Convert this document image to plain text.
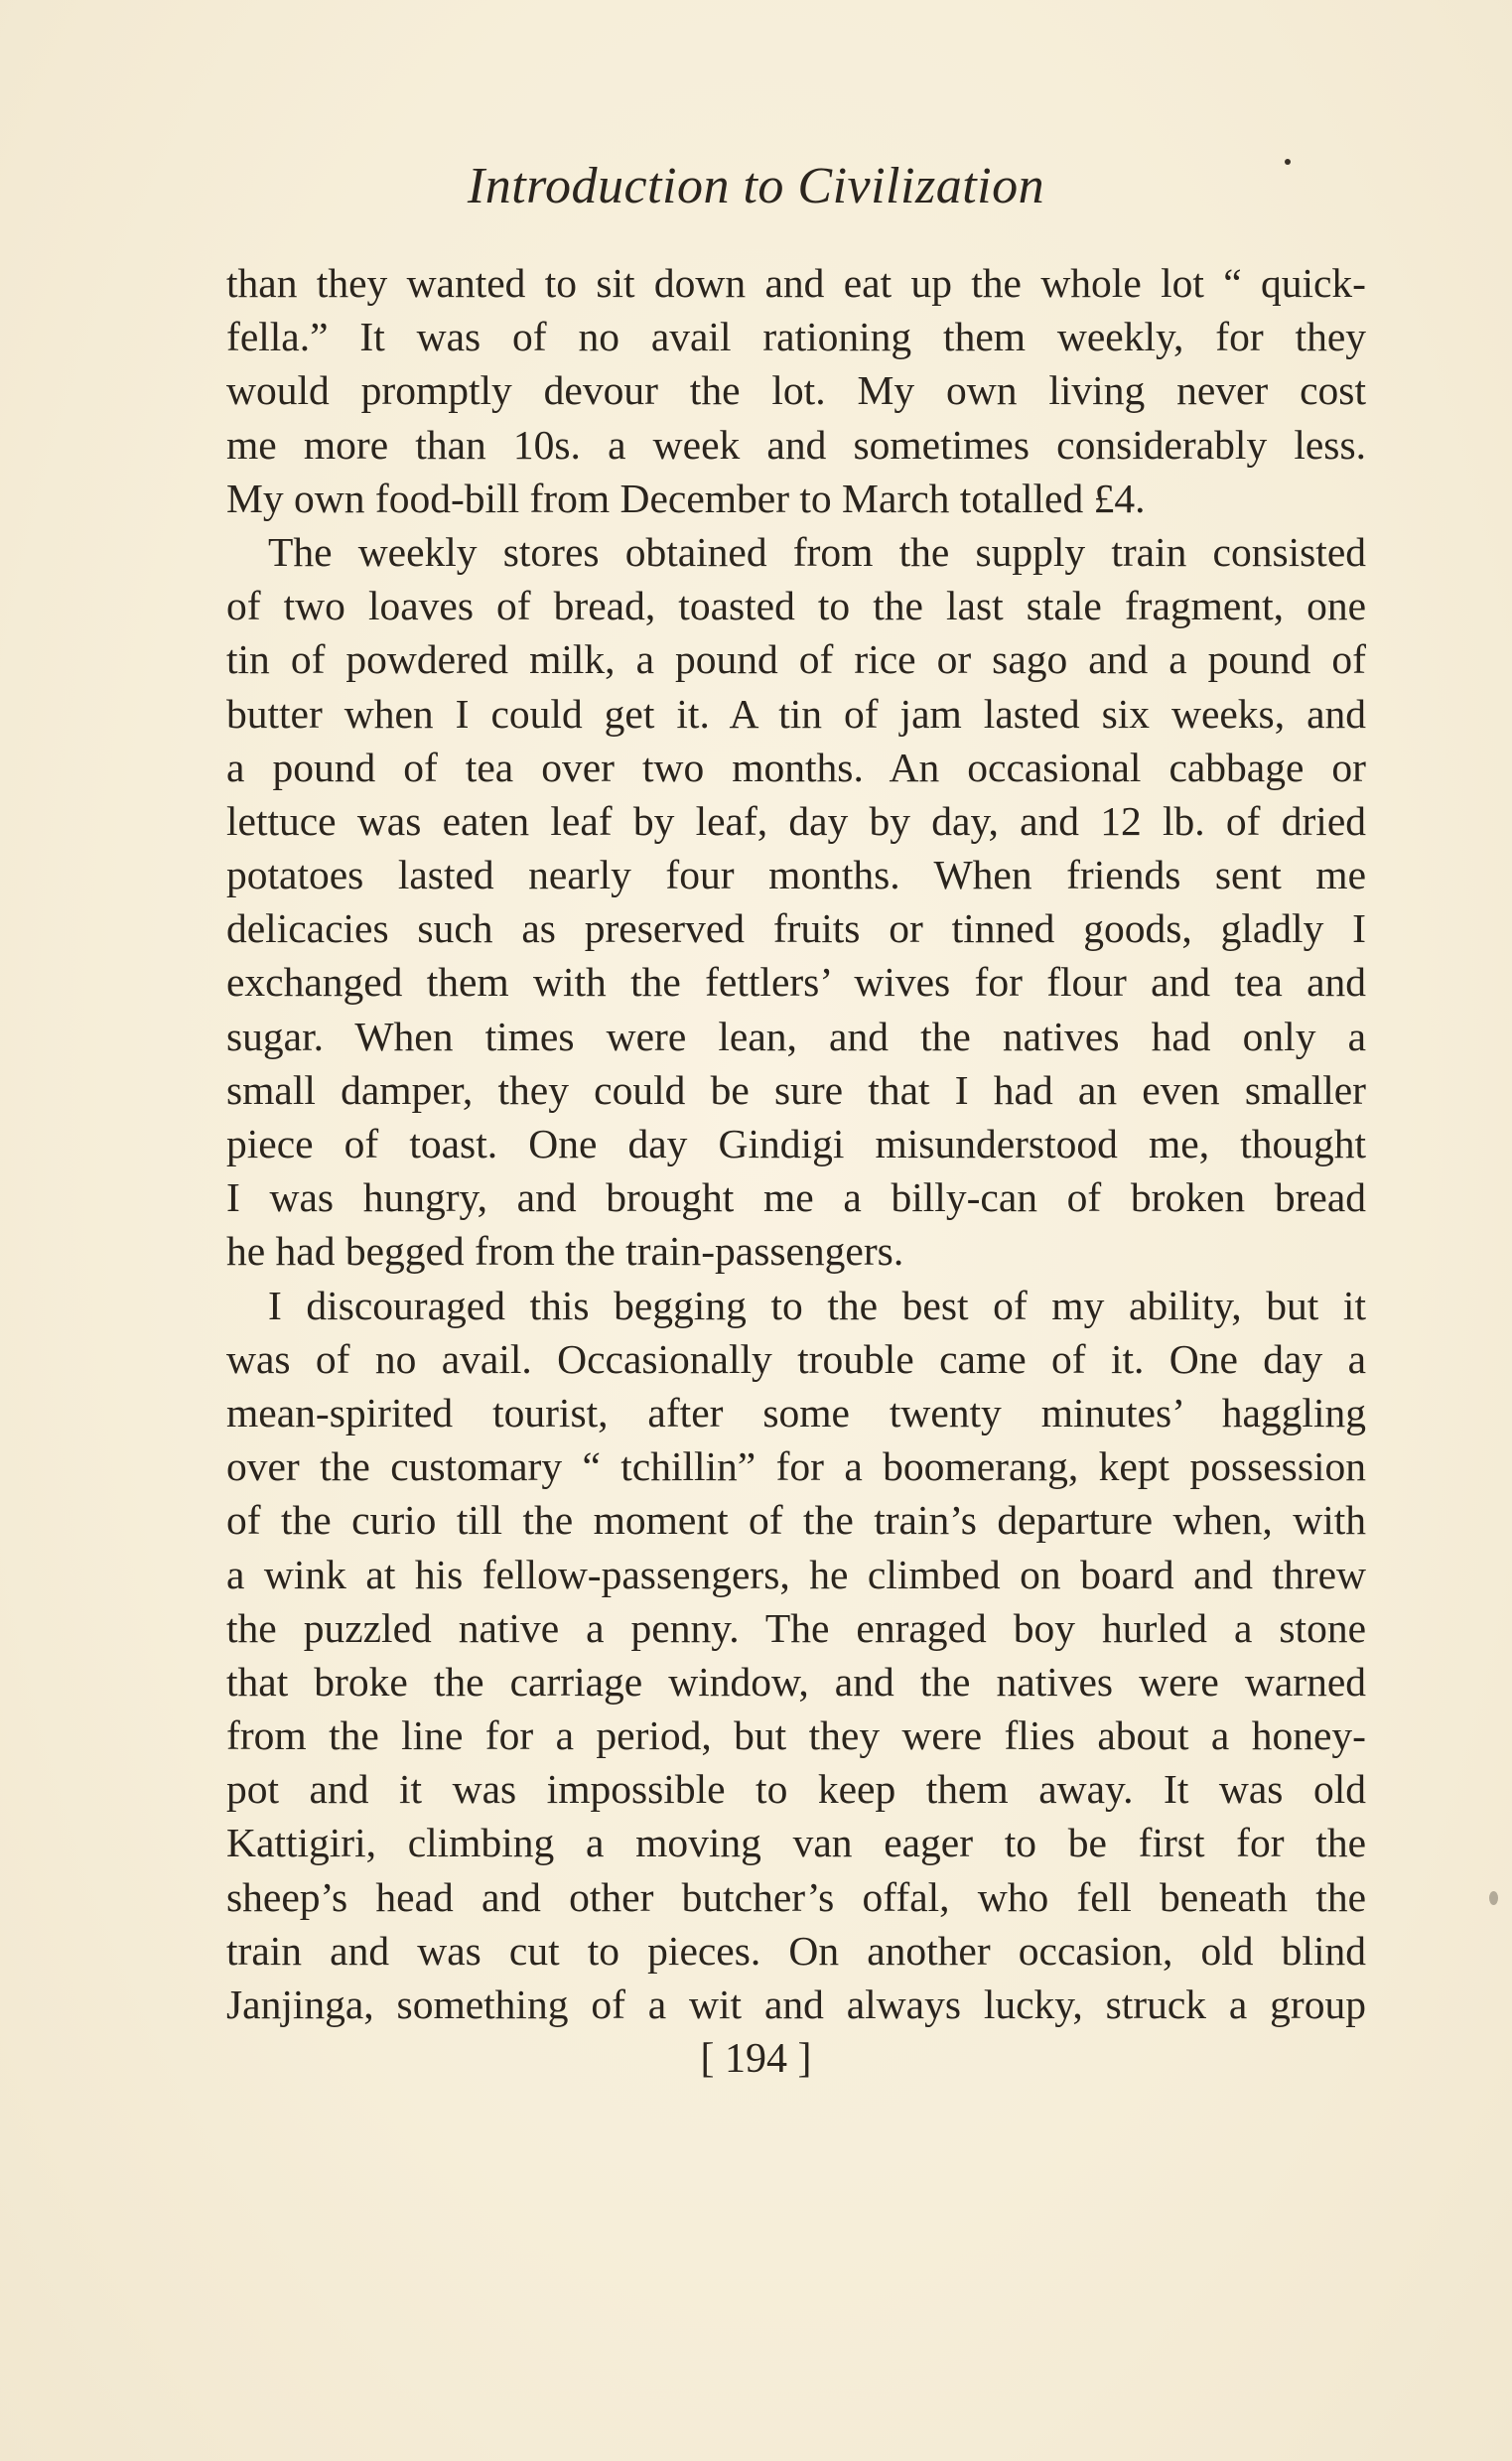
Introduction to Civilization
than they wanted to sit down and eat up the whole lot “ quick-
fella.” It was of no avail rationing them weekly, for they
would promptly devour the lot. My own living never cost
me more than 10s. a week and sometimes considerably less.
My own food-bill from December to March totalled £4.
The weekly stores obtained from the supply train consisted
of two loaves of bread, toasted to the last stale fragment, one
tin of powdered milk, a pound of rice or sago and a pound of
butter when I could get it. A tin of jam lasted six weeks, and
a pound of tea over two months. An occasional cabbage or
lettuce was eaten leaf by leaf, day by day, and 12 lb. of dried
potatoes lasted nearly four months. When friends sent me
delicacies such as preserved fruits or tinned goods, gladly I
exchanged them with the fettlers’ wives for flour and tea and
sugar. When times were lean, and the natives had only a
small damper, they could be sure that I had an even smaller
piece of toast. One day Gindigi misunderstood me, thought
I was hungry, and brought me a billy-can of broken bread
he had begged from the train-passengers.
I discouraged this begging to the best of my ability, but it
was of no avail. Occasionally trouble came of it. One day a
mean-spirited tourist, after some twenty minutes’ haggling
over the customary “ tchillin” for a boomerang, kept possession
of the curio till the moment of the train’s departure when, with
a wink at his fellow-passengers, he climbed on board and threw
the puzzled native a penny. The enraged boy hurled a stone
that broke the carriage window, and the natives were warned
from the line for a period, but they were flies about a honey-
pot and it was impossible to keep them away. It was old
Kattigiri, climbing a moving van eager to be first for the
sheep’s head and other butcher’s offal, who fell beneath the
train and was cut to pieces. On another occasion, old blind
Janjinga, something of a wit and always lucky, struck a group
[ 194 ]
